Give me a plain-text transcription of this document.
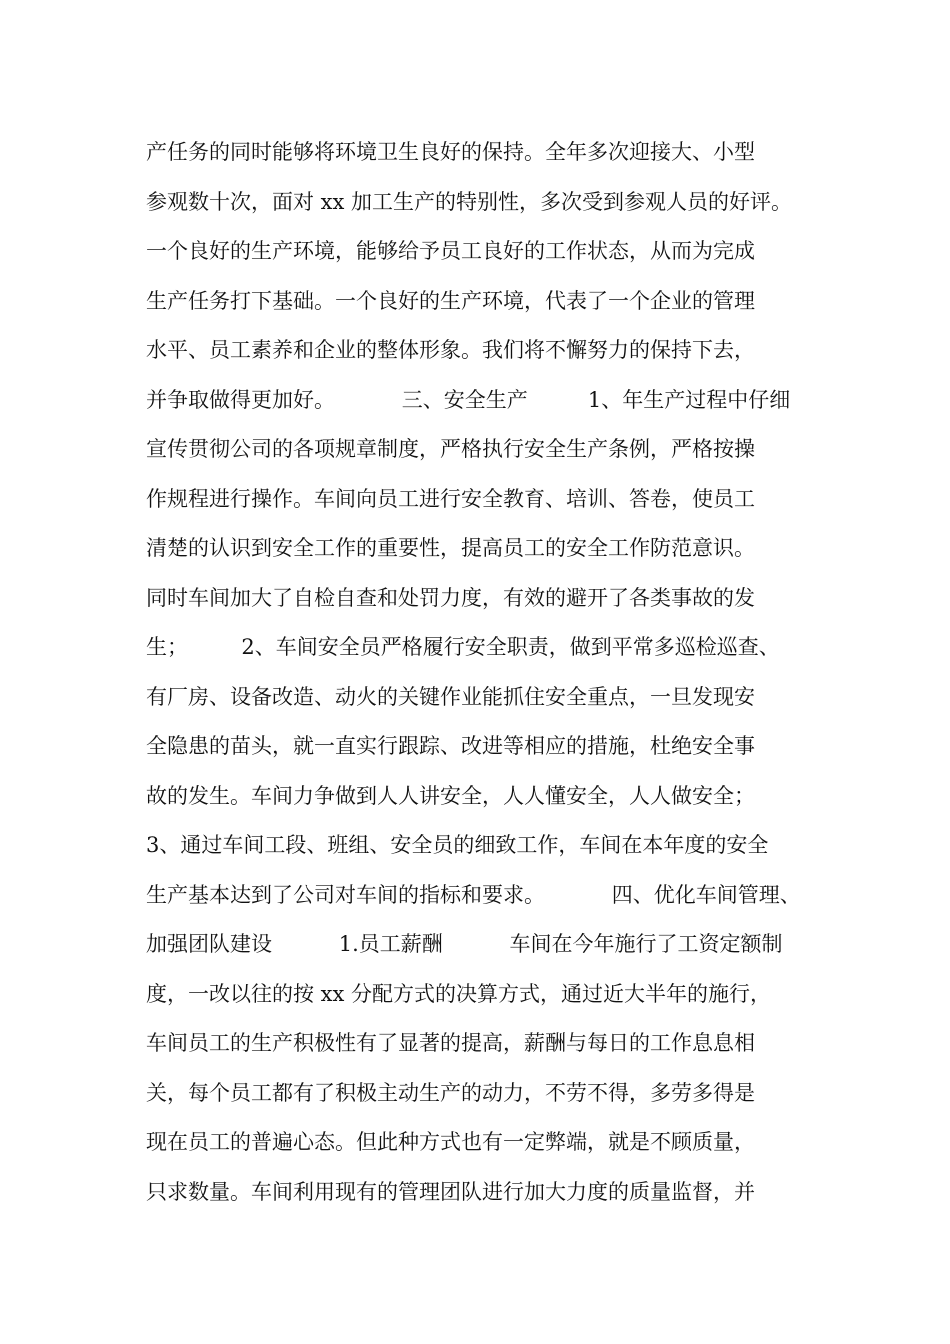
产任务的同时能够将环境卫生良好的保持。全年多次迎接大、小型
参观数十次，面对 xx 加工生产的特别性，多次受到参观人员的好评。
一个良好的生产环境，能够给予员工良好的工作状态，从而为完成
生产任务打下基础。一个良好的生产环境，代表了一个企业的管理
水平、员工素养和企业的整体形象。我们将不懈努力的保持下去，
并争取做得更加好。          三、安全生产         1、年生产过程中仔细
宣传贯彻公司的各项规章制度，严格执行安全生产条例，严格按操
作规程进行操作。车间向员工进行安全教育、培训、答卷，使员工
清楚的认识到安全工作的重要性，提高员工的安全工作防范意识。
同时车间加大了自检自查和处罚力度，有效的避开了各类事故的发
生；        2、车间安全员严格履行安全职责，做到平常多巡检巡查、
有厂房、设备改造、动火的关键作业能抓住安全重点，一旦发现安
全隐患的苗头，就一直实行跟踪、改进等相应的措施，杜绝安全事
故的发生。车间力争做到人人讲安全，人人懂安全，人人做安全；
3、通过车间工段、班组、安全员的细致工作，车间在本年度的安全
生产基本达到了公司对车间的指标和要求。          四、优化车间管理、
加强团队建设          1.员工薪酬          车间在今年施行了工资定额制
度，一改以往的按 xx 分配方式的决算方式，通过近大半年的施行，
车间员工的生产积极性有了显著的提高，薪酬与每日的工作息息相
关，每个员工都有了积极主动生产的动力，不劳不得，多劳多得是
现在员工的普遍心态。但此种方式也有一定弊端，就是不顾质量，
只求数量。车间利用现有的管理团队进行加大力度的质量监督，并
